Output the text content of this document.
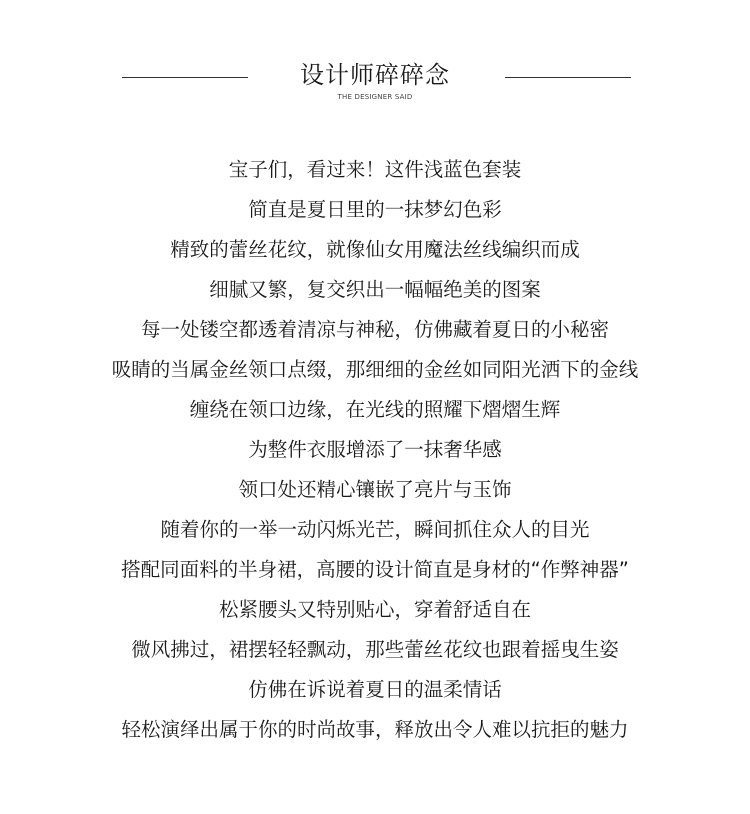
设计师碎碎念
THE DESIGNER SAID
宝子们，看过来！这件浅蓝色套装
简直是夏日里的一抹梦幻色彩
精致的蕾丝花纹，就像仙女用魔法丝线编织而成
细腻又繁，复交织出一幅幅绝美的图案
每一处镂空都透着清凉与神秘，仿佛藏着夏日的小秘密
吸睛的当属金丝领口点缀，那细细的金丝如同阳光洒下的金线
缠绕在领口边缘，在光线的照耀下熠熠生辉
为整件衣服增添了一抹奢华感
领口处还精心镶嵌了亮片与玉饰
随着你的一举一动闪烁光芒，瞬间抓住众人的目光
搭配同面料的半身裙，高腰的设计简直是身材的“作弊神器”
松紧腰头又特别贴心，穿着舒适自在
微风拂过，裙摆轻轻飘动，那些蕾丝花纹也跟着摇曳生姿
仿佛在诉说着夏日的温柔情话
轻松演绎出属于你的时尚故事，释放出令人难以抗拒的魅力
